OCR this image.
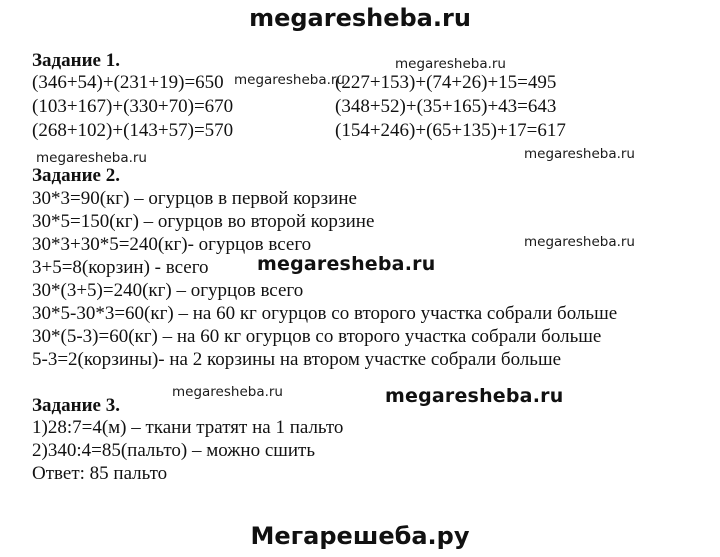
megaresheba.ru
Задание 1.
(346+54)+(231+19)=650
(103+167)+(330+70)=670
(268+102)+(143+57)=570
(227+153)+(74+26)+15=495
(348+52)+(35+165)+43=643
(154+246)+(65+135)+17=617
Задание 2.
30*3=90(кг) – огурцов в первой корзине
30*5=150(кг) – огурцов во второй корзине
30*3+30*5=240(кг)- огурцов всего
3+5=8(корзин) - всего
30*(3+5)=240(кг) – огурцов всего
30*5-30*3=60(кг) – на 60 кг огурцов со второго участка собрали больше
30*(5-3)=60(кг) – на 60 кг огурцов со второго участка собрали больше
5-3=2(корзины)- на 2 корзины на втором участке собрали больше
Задание 3.
1)28:7=4(м) – ткани тратят на 1 пальто
2)340:4=85(пальто) – можно сшить
Ответ: 85 пальто
megaresheba.ru
megaresheba.ru
megaresheba.ru	megaresheba.ru
megaresheba.ru
megaresheba.ru
megaresheba.ru
megaresheba.ru
Мегарешеба.ру
